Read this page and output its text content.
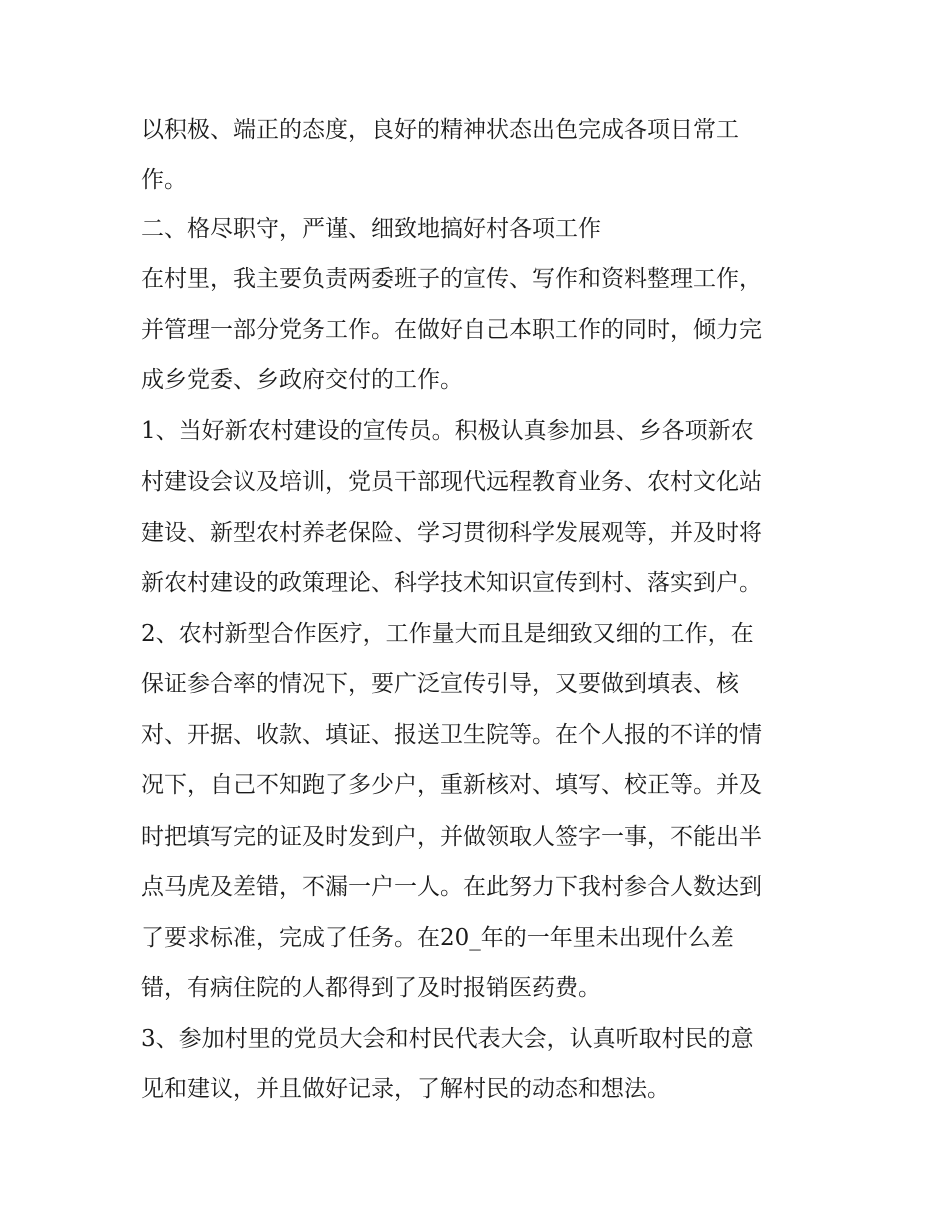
以积极、端正的态度，良好的精神状态出色完成各项日常工

作。

二、格尽职守，严谨、细致地搞好村各项工作

在村里，我主要负责两委班子的宣传、写作和资料整理工作，

并管理一部分党务工作。在做好自己本职工作的同时，倾力完

成乡党委、乡政府交付的工作。

1、当好新农村建设的宣传员。积极认真参加县、乡各项新农

村建设会议及培训，党员干部现代远程教育业务、农村文化站

建设、新型农村养老保险、学习贯彻科学发展观等，并及时将

新农村建设的政策理论、科学技术知识宣传到村、落实到户。

2、农村新型合作医疗，工作量大而且是细致又细的工作，在

保证参合率的情况下，要广泛宣传引导，又要做到填表、核

对、开据、收款、填证、报送卫生院等。在个人报的不详的情

况下，自己不知跑了多少户，重新核对、填写、校正等。并及

时把填写完的证及时发到户，并做领取人签字一事，不能出半

点马虎及差错，不漏一户一人。在此努力下我村参合人数达到

了要求标准，完成了任务。在20_年的一年里未出现什么差

错，有病住院的人都得到了及时报销医药费。

3、参加村里的党员大会和村民代表大会，认真听取村民的意

见和建议，并且做好记录，了解村民的动态和想法。
